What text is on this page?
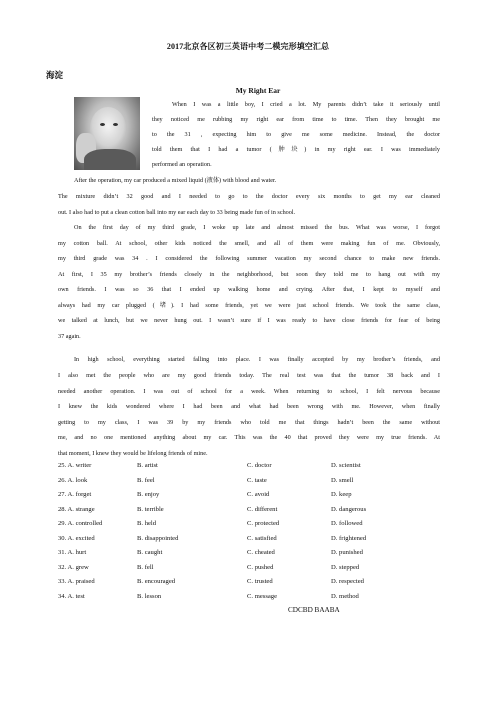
2017北京各区初三英语中考二模完形填空汇总
海淀
My Right Ear
When I was a little boy, I cried a lot. My parents didn’t take it seriously until
they noticed me rubbing my right ear from time to time. Then they brought me
to the 31 , expecting him to give me some medicine. Instead, the doctor
told them that I had a tumor (肿块) in my right ear. I was immediately
performed an operation.
After the operation, my car produced a mixed liquid (液体) with blood and water.
The mixture didn’t 32 good and I needed to go to the doctor every six months to get my ear cleaned
out. I also had to put a clean cotton ball into my ear each day to 33 being made fun of in school.
On the first day of my third grade, I woke up late and almost missed the bus. What was worse, I forgot
my cotton ball. At school, other kids noticed the smell, and all of them were making fun of me. Obviously,
my third grade was 34 . I considered the following summer vacation my second chance to make new friends.
At first, I 35 my brother’s friends closely in the neighborhood, but soon they told me to hang out with my
own friends. I was so 36 that I ended up walking home and crying. After that, I kept to myself and
always had my car plugged (堵). I had some friends, yet we were just school friends. We took the same class,
we talked at lunch, but we never hung out. I wasn’t sure if I was ready to have close friends for fear of being
37 again.
In high school, everything started falling into place. I was finally accepted by my brother’s friends, and
I also met the people who are my good friends today. The real test was that the tumor 38 back and I
needed another operation. I was out of school for a week. When returning to school, I felt nervous because
I knew the kids wondered where I had been and what had been wrong with me. However, when finally
getting to my class, I was 39 by my friends who told me that things hadn’t been the same without
me, and no one mentioned anything about my car. This was the 40 that proved they were my true friends. At
that moment, I knew they would be lifelong friends of mine.
25. A. writer	B. artist	C. doctor	D. scientist
26. A. look	B. feel	C. taste	D. smell
27. A. forget	B. enjoy	C. avoid	D. keep
28. A. strange	B. terrible	C. different	D. dangerous
29. A. controlled	B. held	C. protected	D. followed
30. A. excited	B. disappointed	C. satisfied	D. frightened
31. A. hurt	B. caught	C. cheated	D. punished
32. A. grew	B. fell	C. pushed	D. stepped
33. A. praised	B. encouraged	C. trusted	D. respected
34. A. test	B. lesson	C. message	D. method
CDCBD BAABA
